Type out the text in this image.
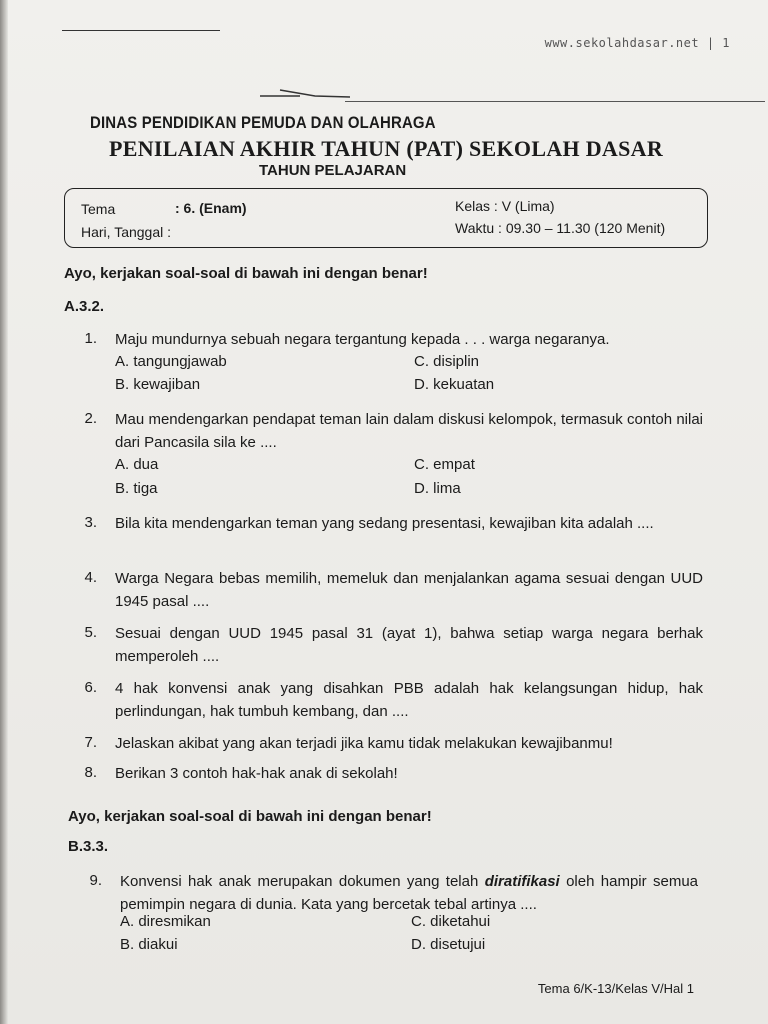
www.sekolahdasar.net | 1
DINAS PENDIDIKAN PEMUDA DAN OLAHRAGA
PENILAIAN AKHIR TAHUN (PAT) SEKOLAH DASAR
TAHUN PELAJARAN
Tema	: 6. (Enam)
Hari, Tanggal :
Kelas : V (Lima)
Waktu : 09.30 – 11.30 (120 Menit)
Ayo, kerjakan soal-soal di bawah ini dengan benar!
A.3.2.
1. Maju mundurnya sebuah negara tergantung kepada . . . warga negaranya.
A. tangungjawab	C. disiplin
B. kewajiban	D. kekuatan
2. Mau mendengarkan pendapat teman lain dalam diskusi kelompok, termasuk contoh nilai dari Pancasila sila ke ....
A. dua	C. empat
B. tiga	D. lima
3. Bila kita mendengarkan teman yang sedang presentasi, kewajiban kita adalah ....
4. Warga Negara bebas memilih, memeluk dan menjalankan agama sesuai dengan UUD 1945 pasal ....
5. Sesuai dengan UUD 1945 pasal 31 (ayat 1), bahwa setiap warga negara berhak memperoleh ....
6. 4 hak konvensi anak yang disahkan PBB adalah hak kelangsungan hidup, hak perlindungan, hak tumbuh kembang, dan ....
7. Jelaskan akibat yang akan terjadi jika kamu tidak melakukan kewajibanmu!
8. Berikan 3 contoh hak-hak anak di sekolah!
Ayo, kerjakan soal-soal di bawah ini dengan benar!
B.3.3.
9. Konvensi hak anak merupakan dokumen yang telah diratifikasi oleh hampir semua pemimpin negara di dunia. Kata yang bercetak tebal artinya ....
A. diresmikan	C. diketahui
B. diakui	D. disetujui
Tema 6/K-13/Kelas V/Hal 1
